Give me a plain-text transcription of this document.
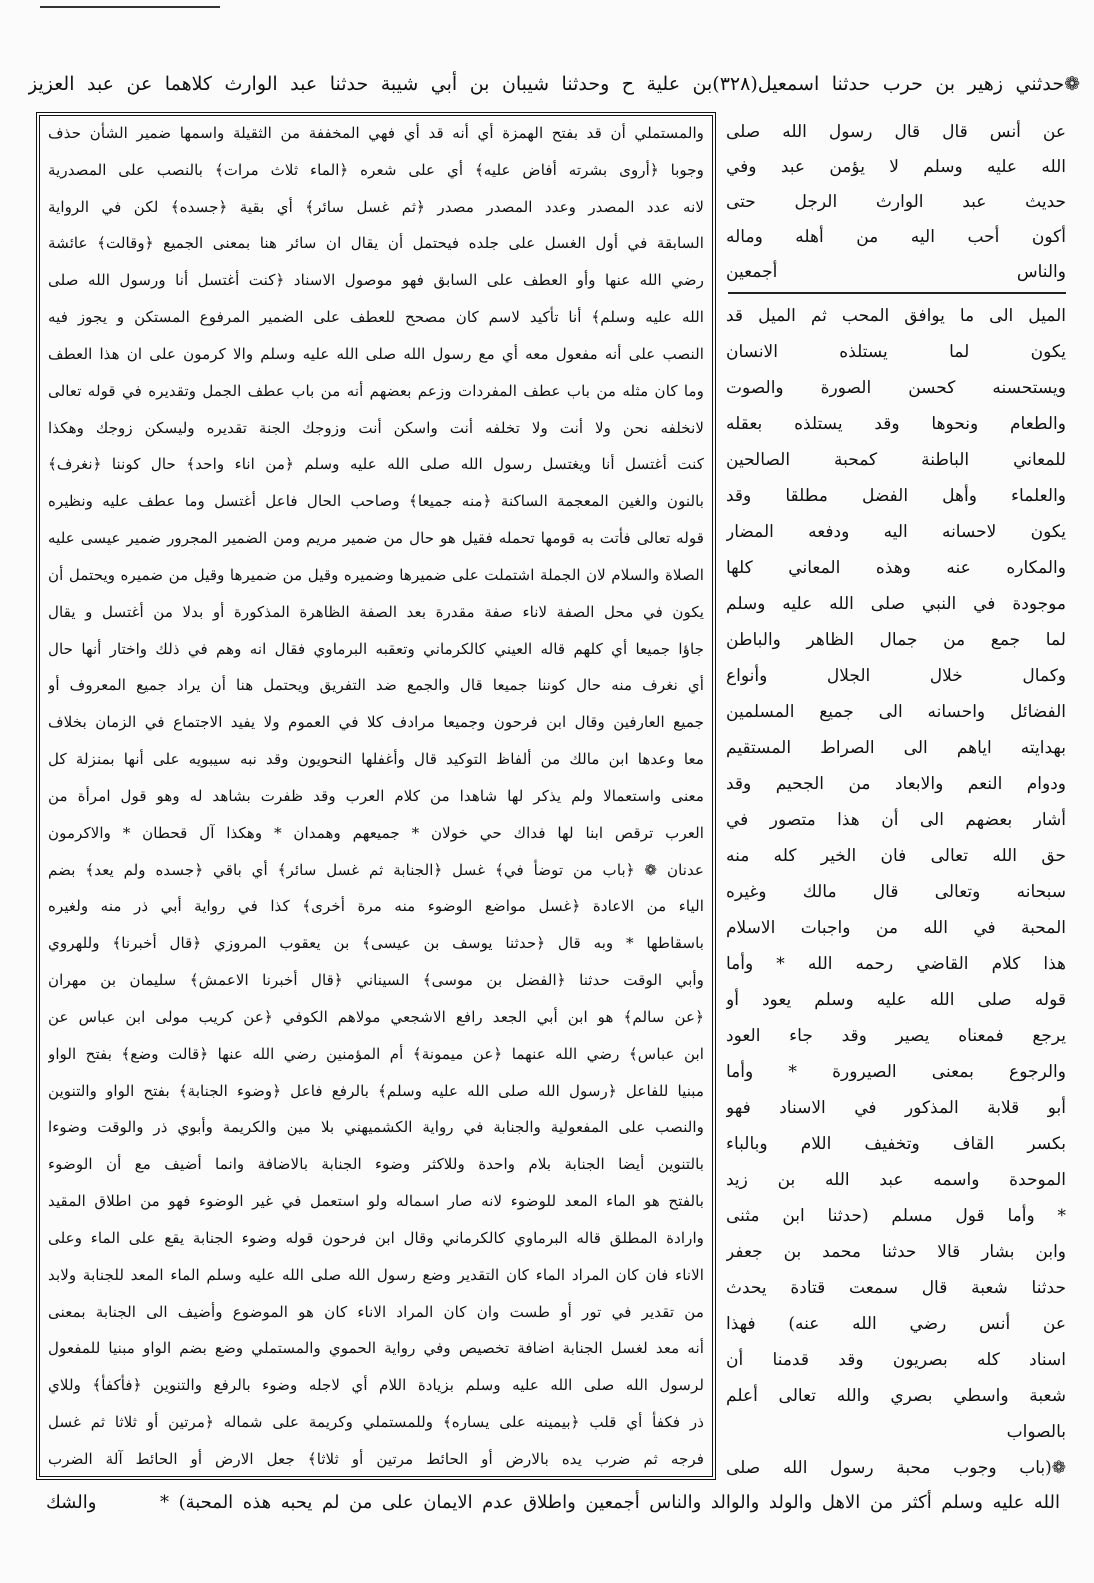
❁حدثني زهير بن حرب حدثنا اسمعيل(٣٢٨)بن علية ح وحدثنا شيبان بن أبي شيبة حدثنا عبد الوارث كلاهما عن عبد العزيز
والمستملي أن قد بفتح الهمزة أي أنه قد أي فهي المخففة من الثقيلة واسمها ضمير الشأن حذف
وجوبا ﴿أروى بشرته أفاض عليه﴾ أي على شعره ﴿الماء ثلاث مرات﴾ بالنصب على المصدرية
لانه عدد المصدر وعدد المصدر مصدر ﴿ثم غسل سائر﴾ أي بقية ﴿جسده﴾ لكن في الرواية
السابقة في أول الغسل على جلده فيحتمل أن يقال ان سائر هنا بمعنى الجميع ﴿وقالت﴾ عائشة
رضي الله عنها وأو العطف على السابق فهو موصول الاسناد ﴿كنت أغتسل أنا ورسول الله صلى
الله عليه وسلم﴾ أنا تأكيد لاسم كان مصحح للعطف على الضمير المرفوع المستكن و يجوز فيه
النصب على أنه مفعول معه أي مع رسول الله صلى الله عليه وسلم والا كرمون على ان هذا العطف
وما كان مثله من باب عطف المفردات وزعم بعضهم أنه من باب عطف الجمل وتقديره في قوله تعالى
لانخلفه نحن ولا أنت ولا تخلفه أنت واسكن أنت وزوجك الجنة تقديره وليسكن زوجك وهكذا
كنت أغتسل أنا ويغتسل رسول الله صلى الله عليه وسلم ﴿من اناء واحد﴾ حال كوننا ﴿نغرف﴾
بالنون والغين المعجمة الساكنة ﴿منه جميعا﴾ وصاحب الحال فاعل أغتسل وما عطف عليه ونظيره
قوله تعالى فأتت به قومها تحمله فقيل هو حال من ضمير مريم ومن الضمير المجرور ضمير عيسى عليه
الصلاة والسلام لان الجملة اشتملت على ضميرها وضميره وقيل من ضميرها وقيل من ضميره ويحتمل أن
يكون في محل الصفة لاناء صفة مقدرة بعد الصفة الظاهرة المذكورة أو بدلا من أغتسل و يقال
جاؤا جميعا أي كلهم قاله العيني كالكرماني وتعقبه البرماوي فقال انه وهم في ذلك واختار أنها حال
أي نغرف منه حال كوننا جميعا قال والجمع ضد التفريق ويحتمل هنا أن يراد جميع المعروف أو
جميع العارفين وقال ابن فرحون وجميعا مرادف كلا في العموم ولا يفيد الاجتماع في الزمان بخلاف
معا وعدها ابن مالك من ألفاظ التوكيد قال وأغفلها النحويون وقد نبه سيبويه على أنها بمنزلة كل
معنى واستعمالا ولم يذكر لها شاهدا من كلام العرب وقد ظفرت بشاهد له وهو قول امرأة من
العرب ترقص ابنا لها فداك حي خولان * جميعهم وهمدان * وهكذا آل قحطان * والاكرمون
عدنان ❁ ﴿باب من توضأ في﴾ غسل ﴿الجنابة ثم غسل سائر﴾ أي باقي ﴿جسده ولم يعد﴾ بضم
الياء من الاعادة ﴿غسل مواضع الوضوء منه مرة أخرى﴾ كذا في رواية أبي ذر منه ولغيره
باسقاطها * وبه قال ﴿حدثنا يوسف بن عيسى﴾ بن يعقوب المروزي ﴿قال أخبرنا﴾ وللهروي
وأبي الوقت حدثنا ﴿الفضل بن موسى﴾ السيناني ﴿قال أخبرنا الاعمش﴾ سليمان بن مهران
﴿عن سالم﴾ هو ابن أبي الجعد رافع الاشجعي مولاهم الكوفي ﴿عن كريب مولى ابن عباس عن
ابن عباس﴾ رضي الله عنهما ﴿عن ميمونة﴾ أم المؤمنين رضي الله عنها ﴿قالت وضع﴾ بفتح الواو
مبنيا للفاعل ﴿رسول الله صلى الله عليه وسلم﴾ بالرفع فاعل ﴿وضوء الجنابة﴾ بفتح الواو والتنوين
والنصب على المفعولية والجنابة في رواية الكشميهني بلا مين والكريمة وأبوي ذر والوقت وضوءا
بالتنوين أيضا الجنابة بلام واحدة وللاكثر وضوء الجنابة بالاضافة وانما أضيف مع أن الوضوء
بالفتح هو الماء المعد للوضوء لانه صار اسماله ولو استعمل في غير الوضوء فهو من اطلاق المقيد
وارادة المطلق قاله البرماوي كالكرماني وقال ابن فرحون قوله وضوء الجنابة يقع على الماء وعلى
الاناء فان كان المراد الماء كان التقدير وضع رسول الله صلى الله عليه وسلم الماء المعد للجنابة ولابد
من تقدير في تور أو طست وان كان المراد الاناء كان هو الموضوع وأضيف الى الجنابة بمعنى
أنه معد لغسل الجنابة اضافة تخصيص وفي رواية الحموي والمستملي وضع بضم الواو مبنيا للمفعول
لرسول الله صلى الله عليه وسلم بزيادة اللام أي لاجله وضوء بالرفع والتنوين ﴿فأكفأ﴾ وللاي
ذر فكفأ أي قلب ﴿بيمينه على يساره﴾ وللمستملي وكريمة على شماله ﴿مرتين أو ثلاثا ثم غسل
فرجه ثم ضرب يده بالارض أو الحائط مرتين أو ثلاثا﴾ جعل الارض أو الحائط آلة الضرب
عن أنس قال قال رسول الله صلى
الله عليه وسلم لا يؤمن عبد وفي
حديث عبد الوارث الرجل حتى
أكون أحب اليه من أهله وماله
والناس أجمعين
الميل الى ما يوافق المحب ثم الميل قد
يكون لما يستلذه الانسان
ويستحسنه كحسن الصورة والصوت
والطعام ونحوها وقد يستلذه بعقله
للمعاني الباطنة كمحبة الصالحين
والعلماء وأهل الفضل مطلقا وقد
يكون لاحسانه اليه ودفعه المضار
والمكاره عنه وهذه المعاني كلها
موجودة في النبي صلى الله عليه وسلم
لما جمع من جمال الظاهر والباطن
وكمال خلال الجلال وأنواع
الفضائل واحسانه الى جميع المسلمين
بهدايته اياهم الى الصراط المستقيم
ودوام النعم والابعاد من الجحيم وقد
أشار بعضهم الى أن هذا متصور في
حق الله تعالى فان الخير كله منه
سبحانه وتعالى قال مالك وغيره
المحبة في الله من واجبات الاسلام
هذا كلام القاضي رحمه الله * وأما
قوله صلى الله عليه وسلم يعود أو
يرجع فمعناه يصير وقد جاء العود
والرجوع بمعنى الصيرورة * وأما
أبو قلابة المذكور في الاسناد فهو
بكسر القاف وتخفيف اللام وبالباء
الموحدة واسمه عبد الله بن زيد
* وأما قول مسلم (حدثنا ابن مثنى
وابن بشار قالا حدثنا محمد بن جعفر
حدثنا شعبة قال سمعت قتادة يحدث
عن أنس رضي الله عنه) فهذا
اسناد كله بصريون وقد قدمنا أن
شعبة واسطي بصري والله تعالى أعلم
بالصواب
❁(باب وجوب محبة رسول الله صلى
الله عليه وسلم أكثر من الاهل والولد والوالد والناس أجمعين واطلاق عدم الايمان على من لم يحبه هذه المحبة) *
والشك
